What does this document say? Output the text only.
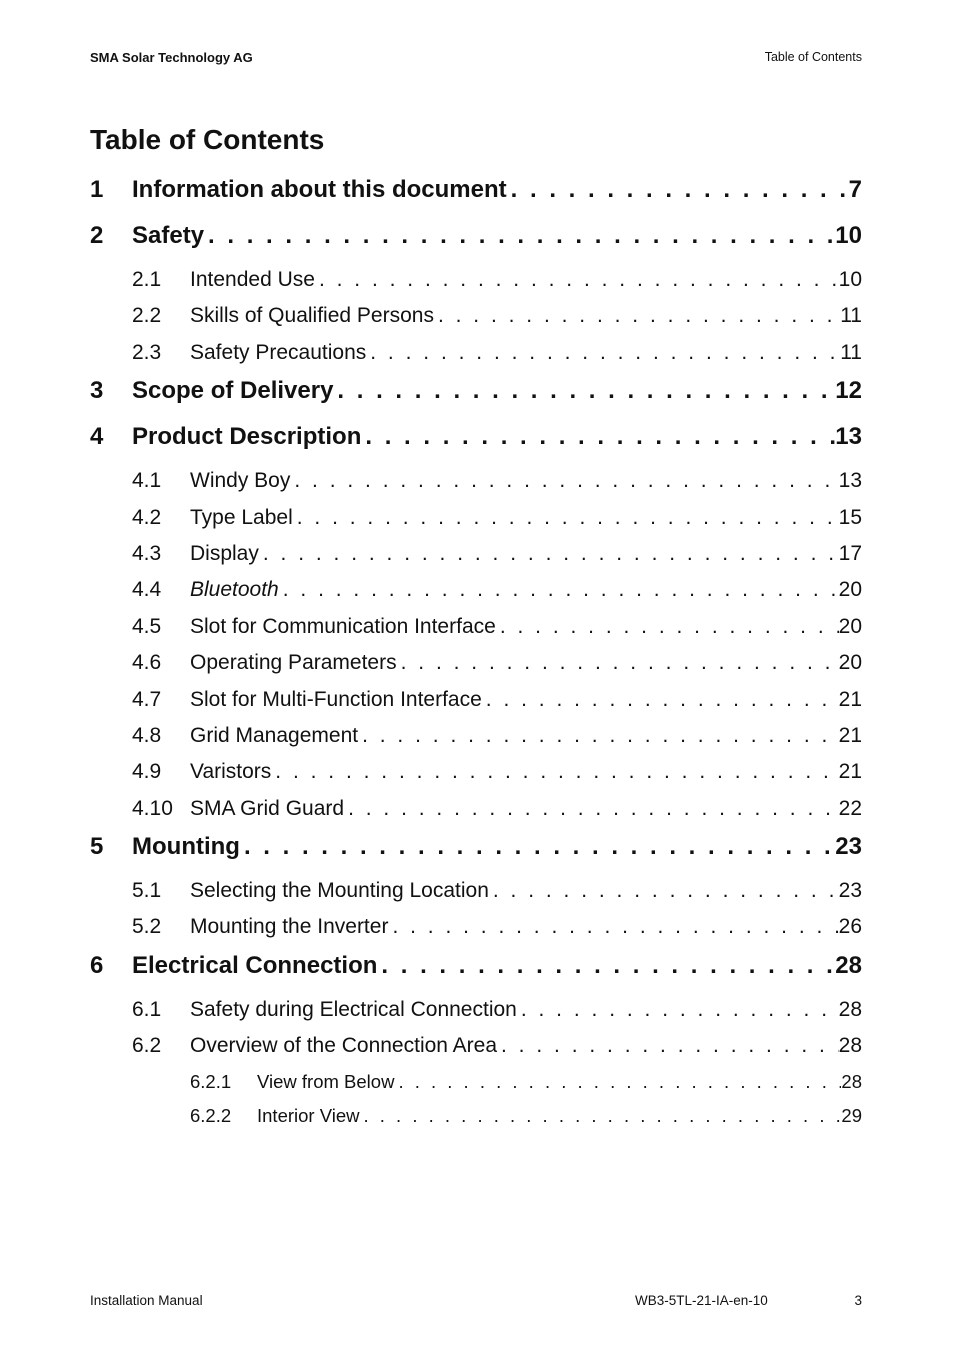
SMA Solar Technology AG	Table of Contents
Table of Contents
1	Information about this document . . .	7
2	Safety . . .	10
2.1	Intended Use . . .	10
2.2	Skills of Qualified Persons . . .	11
2.3	Safety Precautions . . .	11
3	Scope of Delivery . . .	12
4	Product Description . . .	13
4.1	Windy Boy . . .	13
4.2	Type Label . . .	15
4.3	Display . . .	17
4.4	Bluetooth . . .	20
4.5	Slot for Communication Interface . . .	20
4.6	Operating Parameters . . .	20
4.7	Slot for Multi-Function Interface . . .	21
4.8	Grid Management . . .	21
4.9	Varistors . . .	21
4.10 SMA Grid Guard . . .	22
5	Mounting . . .	23
5.1	Selecting the Mounting Location . . .	23
5.2	Mounting the Inverter . . .	26
6	Electrical Connection . . .	28
6.1	Safety during Electrical Connection . . .	28
6.2	Overview of the Connection Area . . .	28
6.2.1	View from Below . . .	28
6.2.2	Interior View . . .	29
Installation Manual	WB3-5TL-21-IA-en-10	3
